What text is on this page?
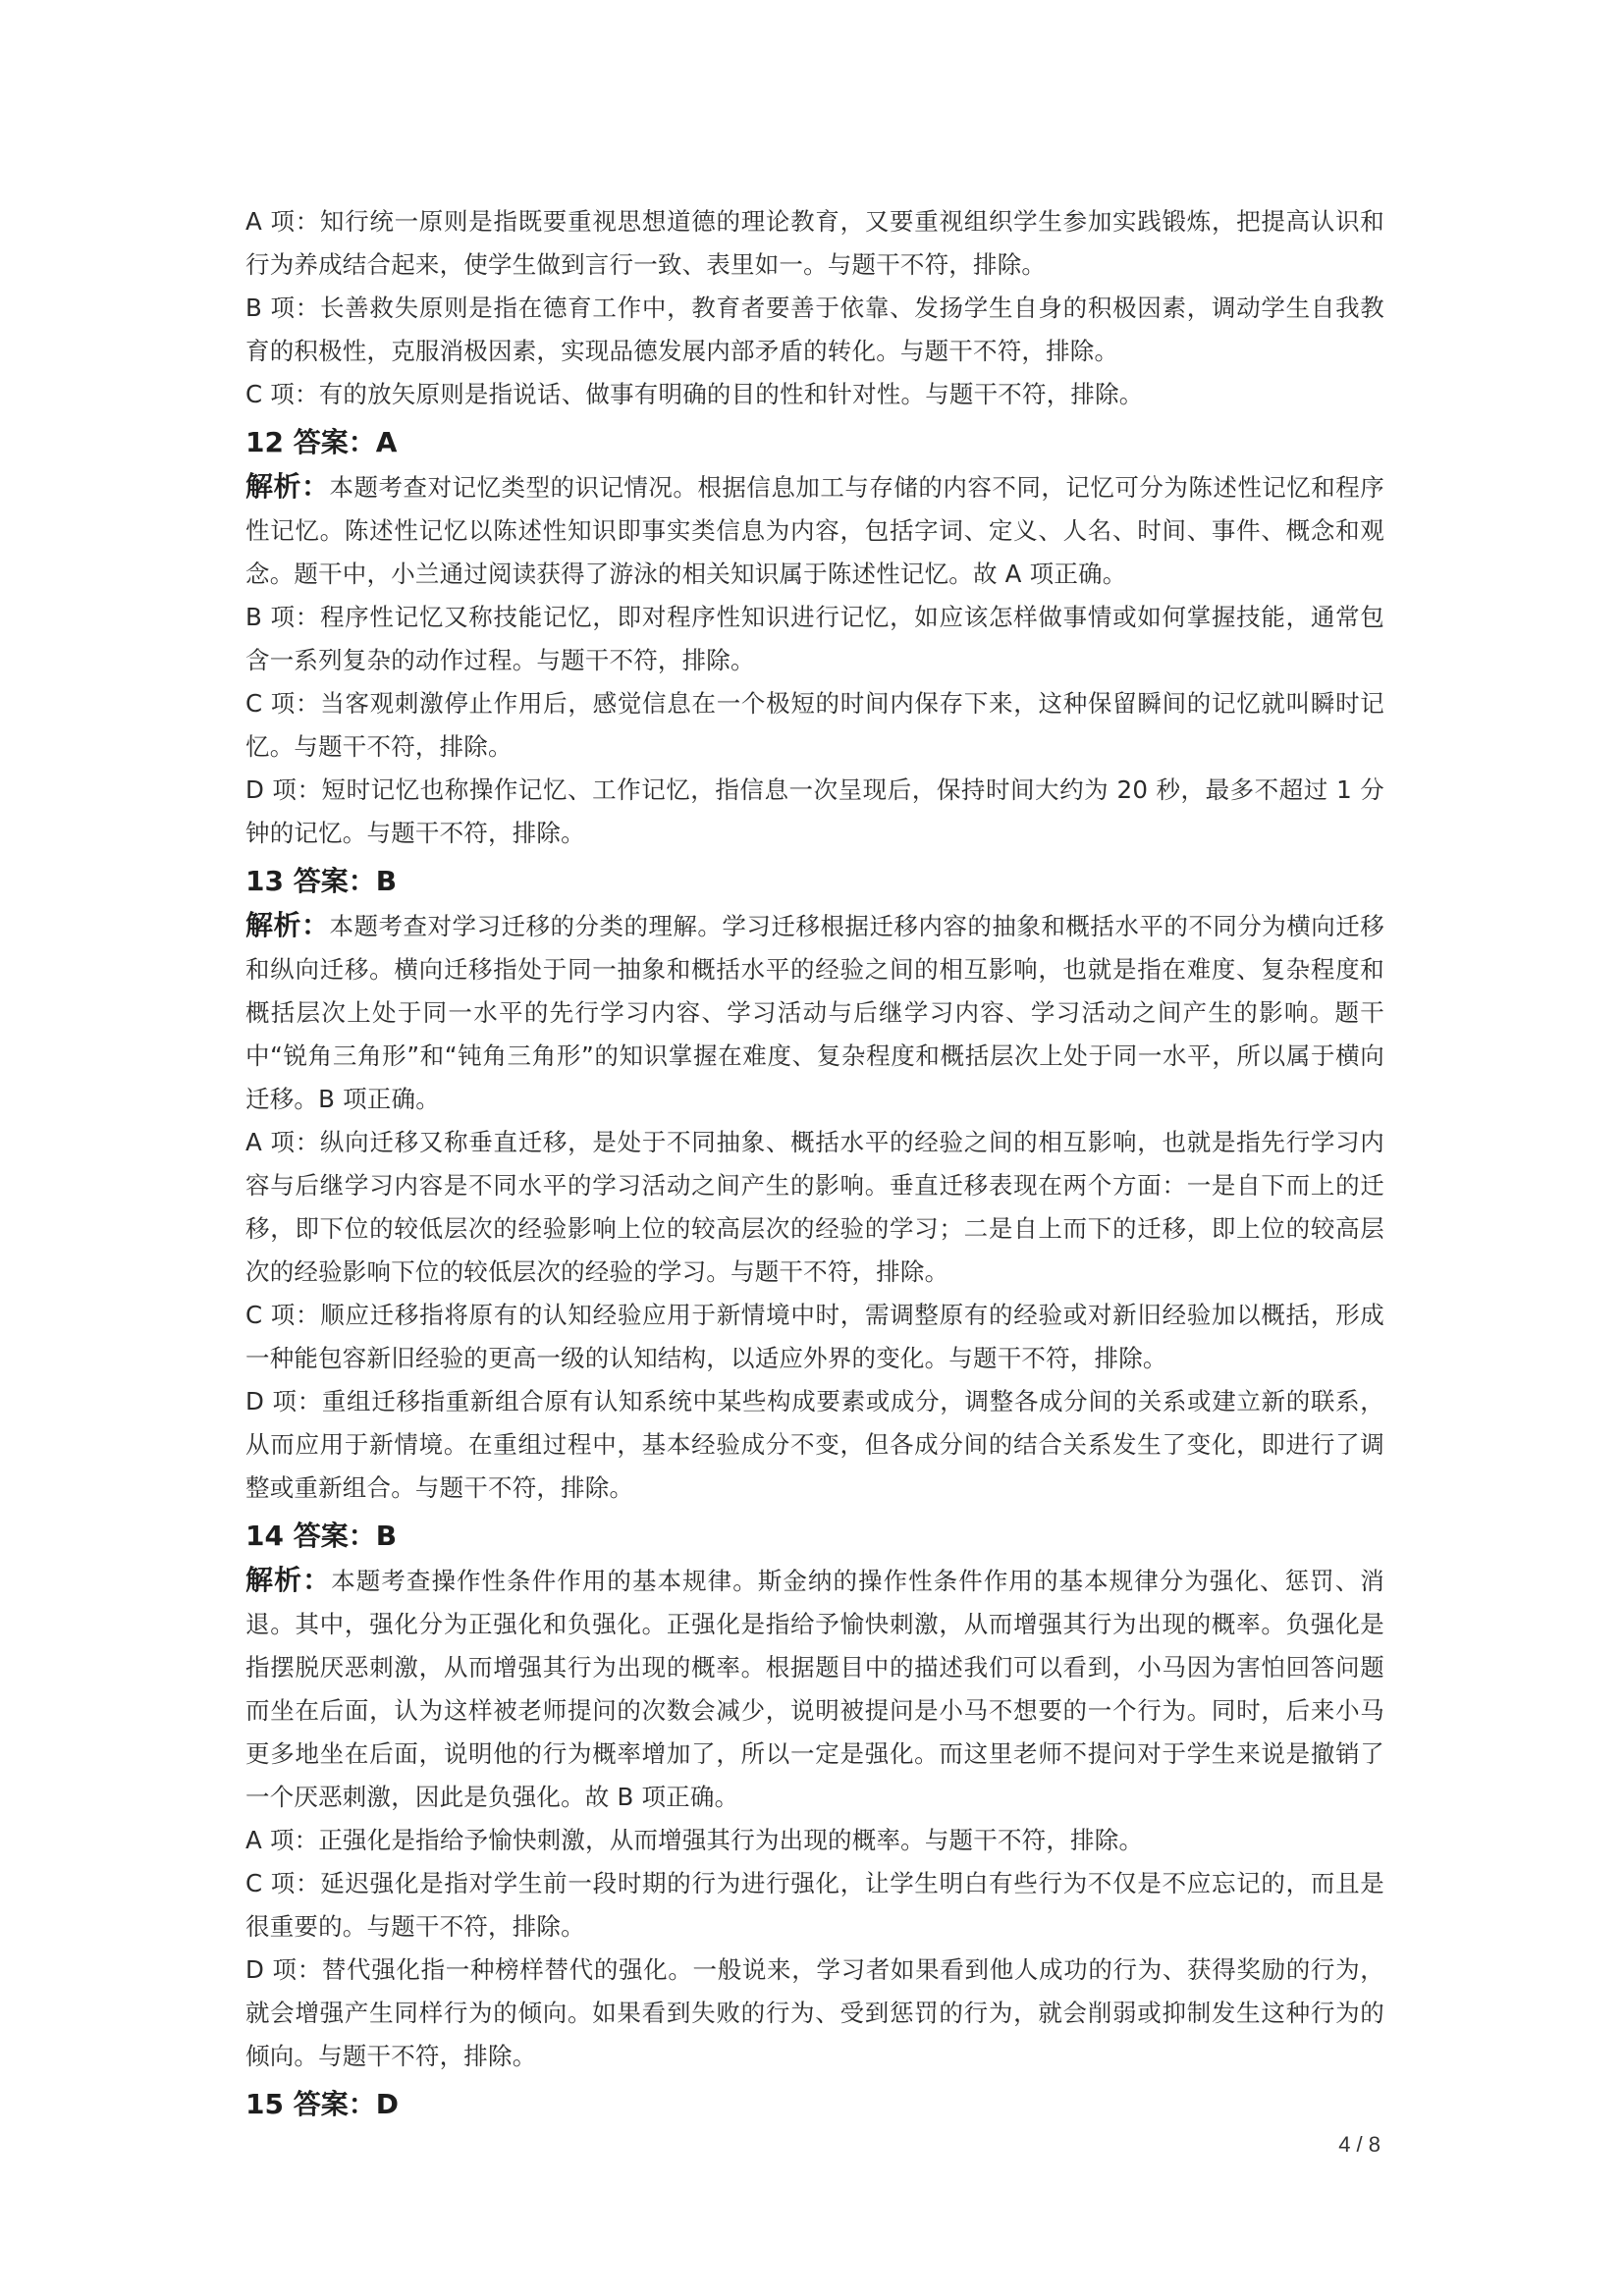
A 项：知行统一原则是指既要重视思想道德的理论教育，又要重视组织学生参加实践锻炼，把提高认识和行为养成结合起来，使学生做到言行一致、表里如一。与题干不符，排除。

B 项：长善救失原则是指在德育工作中，教育者要善于依靠、发扬学生自身的积极因素，调动学生自我教育的积极性，克服消极因素，实现品德发展内部矛盾的转化。与题干不符，排除。

C 项：有的放矢原则是指说话、做事有明确的目的性和针对性。与题干不符，排除。

12 答案：A

解析：本题考查对记忆类型的识记情况。根据信息加工与存储的内容不同，记忆可分为陈述性记忆和程序性记忆。陈述性记忆以陈述性知识即事实类信息为内容，包括字词、定义、人名、时间、事件、概念和观念。题干中，小兰通过阅读获得了游泳的相关知识属于陈述性记忆。故 A 项正确。

B 项：程序性记忆又称技能记忆，即对程序性知识进行记忆，如应该怎样做事情或如何掌握技能，通常包含一系列复杂的动作过程。与题干不符，排除。

C 项：当客观刺激停止作用后，感觉信息在一个极短的时间内保存下来，这种保留瞬间的记忆就叫瞬时记忆。与题干不符，排除。

D 项：短时记忆也称操作记忆、工作记忆，指信息一次呈现后，保持时间大约为 20 秒，最多不超过 1 分钟的记忆。与题干不符，排除。

13 答案：B

解析：本题考查对学习迁移的分类的理解。学习迁移根据迁移内容的抽象和概括水平的不同分为横向迁移和纵向迁移。横向迁移指处于同一抽象和概括水平的经验之间的相互影响，也就是指在难度、复杂程度和概括层次上处于同一水平的先行学习内容、学习活动与后继学习内容、学习活动之间产生的影响。题干中“锐角三角形”和“钝角三角形”的知识掌握在难度、复杂程度和概括层次上处于同一水平，所以属于横向迁移。B 项正确。

A 项：纵向迁移又称垂直迁移，是处于不同抽象、概括水平的经验之间的相互影响，也就是指先行学习内容与后继学习内容是不同水平的学习活动之间产生的影响。垂直迁移表现在两个方面：一是自下而上的迁移，即下位的较低层次的经验影响上位的较高层次的经验的学习；二是自上而下的迁移，即上位的较高层次的经验影响下位的较低层次的经验的学习。与题干不符，排除。

C 项：顺应迁移指将原有的认知经验应用于新情境中时，需调整原有的经验或对新旧经验加以概括，形成一种能包容新旧经验的更高一级的认知结构，以适应外界的变化。与题干不符，排除。

D 项：重组迁移指重新组合原有认知系统中某些构成要素或成分，调整各成分间的关系或建立新的联系，从而应用于新情境。在重组过程中，基本经验成分不变，但各成分间的结合关系发生了变化，即进行了调整或重新组合。与题干不符，排除。

14 答案：B

解析：本题考查操作性条件作用的基本规律。斯金纳的操作性条件作用的基本规律分为强化、惩罚、消退。其中，强化分为正强化和负强化。正强化是指给予愉快刺激，从而增强其行为出现的概率。负强化是指摆脱厌恶刺激，从而增强其行为出现的概率。根据题目中的描述我们可以看到，小马因为害怕回答问题而坐在后面，认为这样被老师提问的次数会减少，说明被提问是小马不想要的一个行为。同时，后来小马更多地坐在后面，说明他的行为概率增加了，所以一定是强化。而这里老师不提问对于学生来说是撤销了一个厌恶刺激，因此是负强化。故 B 项正确。

A 项：正强化是指给予愉快刺激，从而增强其行为出现的概率。与题干不符，排除。

C 项：延迟强化是指对学生前一段时期的行为进行强化，让学生明白有些行为不仅是不应忘记的，而且是很重要的。与题干不符，排除。

D 项：替代强化指一种榜样替代的强化。一般说来，学习者如果看到他人成功的行为、获得奖励的行为，就会增强产生同样行为的倾向。如果看到失败的行为、受到惩罚的行为，就会削弱或抑制发生这种行为的倾向。与题干不符，排除。

15 答案：D

4 / 8
